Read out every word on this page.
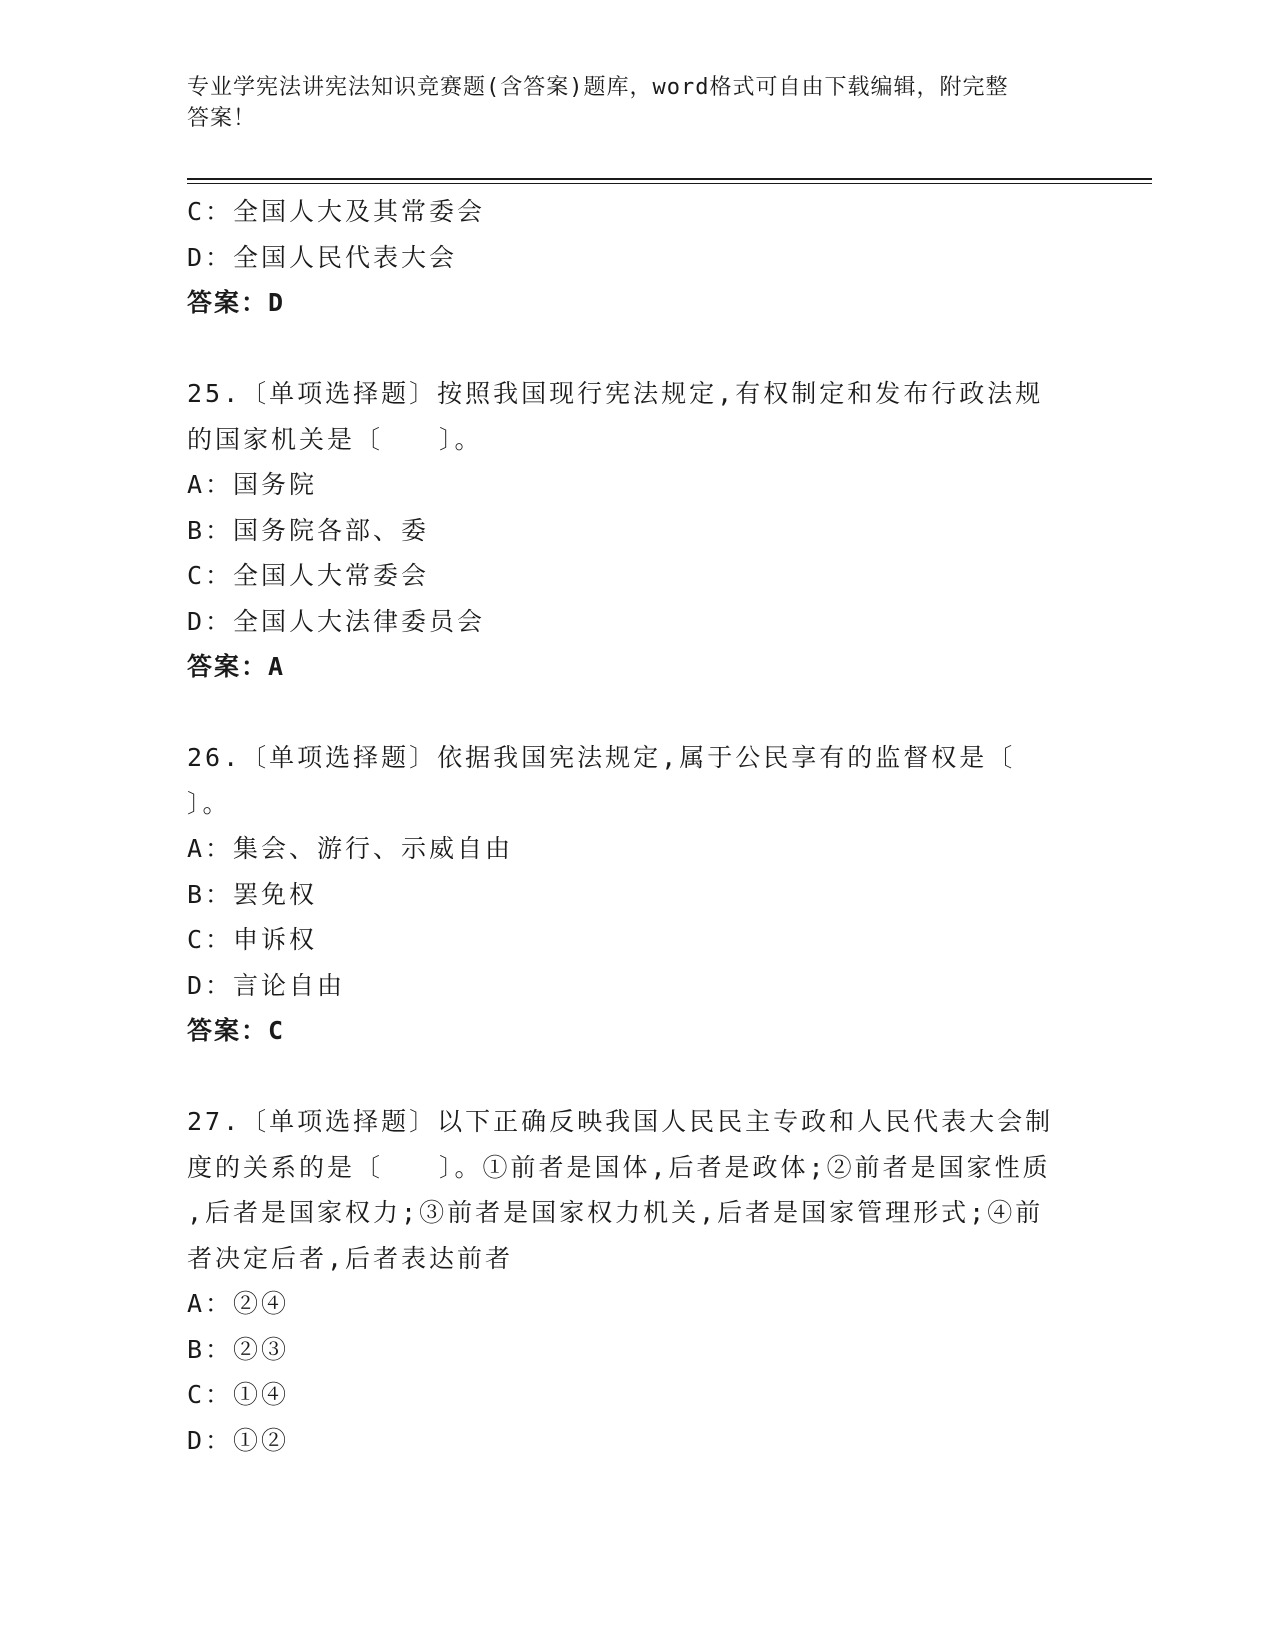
专业学宪法讲宪法知识竞赛题(含答案)题库，word格式可自由下载编辑，附完整
答案！
C：全国人大及其常委会
D：全国人民代表大会
答案：D
25.〔单项选择题〕按照我国现行宪法规定,有权制定和发布行政法规
的国家机关是〔　　〕。
A：国务院
B：国务院各部、委
C：全国人大常委会
D：全国人大法律委员会
答案：A
26.〔单项选择题〕依据我国宪法规定,属于公民享有的监督权是〔
〕。
A：集会、游行、示威自由
B：罢免权
C：申诉权
D：言论自由
答案：C
27.〔单项选择题〕以下正确反映我国人民民主专政和人民代表大会制
度的关系的是〔　　〕。①前者是国体,后者是政体;②前者是国家性质
,后者是国家权力;③前者是国家权力机关,后者是国家管理形式;④前
者决定后者,后者表达前者
A：②④
B：②③
C：①④
D：①②
